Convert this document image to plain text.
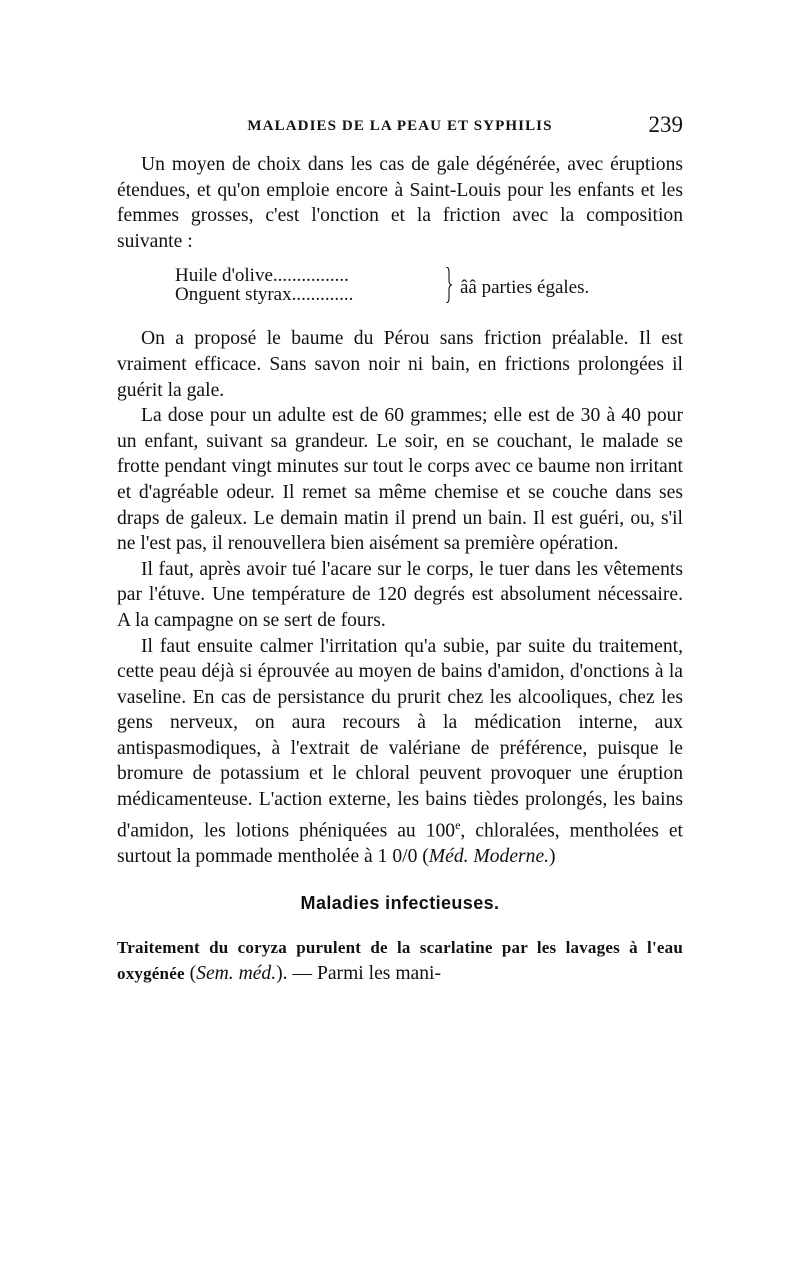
MALADIES DE LA PEAU ET SYPHILIS	239

Un moyen de choix dans les cas de gale dégénérée, avec éruptions étendues, et qu'on emploie encore à Saint-Louis pour les enfants et les femmes grosses, c'est l'onction et la friction avec la composition suivante :

Huile d'olive................
Onguent styrax.............	ââ parties égales.

On a proposé le baume du Pérou sans friction préalable. Il est vraiment efficace. Sans savon noir ni bain, en frictions prolongées il guérit la gale.

La dose pour un adulte est de 60 grammes; elle est de 30 à 40 pour un enfant, suivant sa grandeur. Le soir, en se couchant, le malade se frotte pendant vingt minutes sur tout le corps avec ce baume non irritant et d'agréable odeur. Il remet sa même chemise et se couche dans ses draps de galeux. Le demain matin il prend un bain. Il est guéri, ou, s'il ne l'est pas, il renouvellera bien aisément sa première opération.

Il faut, après avoir tué l'acare sur le corps, le tuer dans les vêtements par l'étuve. Une température de 120 degrés est absolument nécessaire. A la campagne on se sert de fours.

Il faut ensuite calmer l'irritation qu'a subie, par suite du traitement, cette peau déjà si éprouvée au moyen de bains d'amidon, d'onctions à la vaseline. En cas de persistance du prurit chez les alcooliques, chez les gens nerveux, on aura recours à la médication interne, aux antispasmodiques, à l'extrait de valériane de préférence, puisque le bromure de potassium et le chloral peuvent provoquer une éruption médicamenteuse. L'action externe, les bains tièdes prolongés, les bains d'amidon, les lotions phéniquées au 100e, chloralées, mentholées et surtout la pommade mentholée à 1 0/0 (Méd. Moderne.)

Maladies infectieuses.

Traitement du coryza purulent de la scarlatine par les lavages à l'eau oxygénée (Sem. méd.). — Parmi les mani-
